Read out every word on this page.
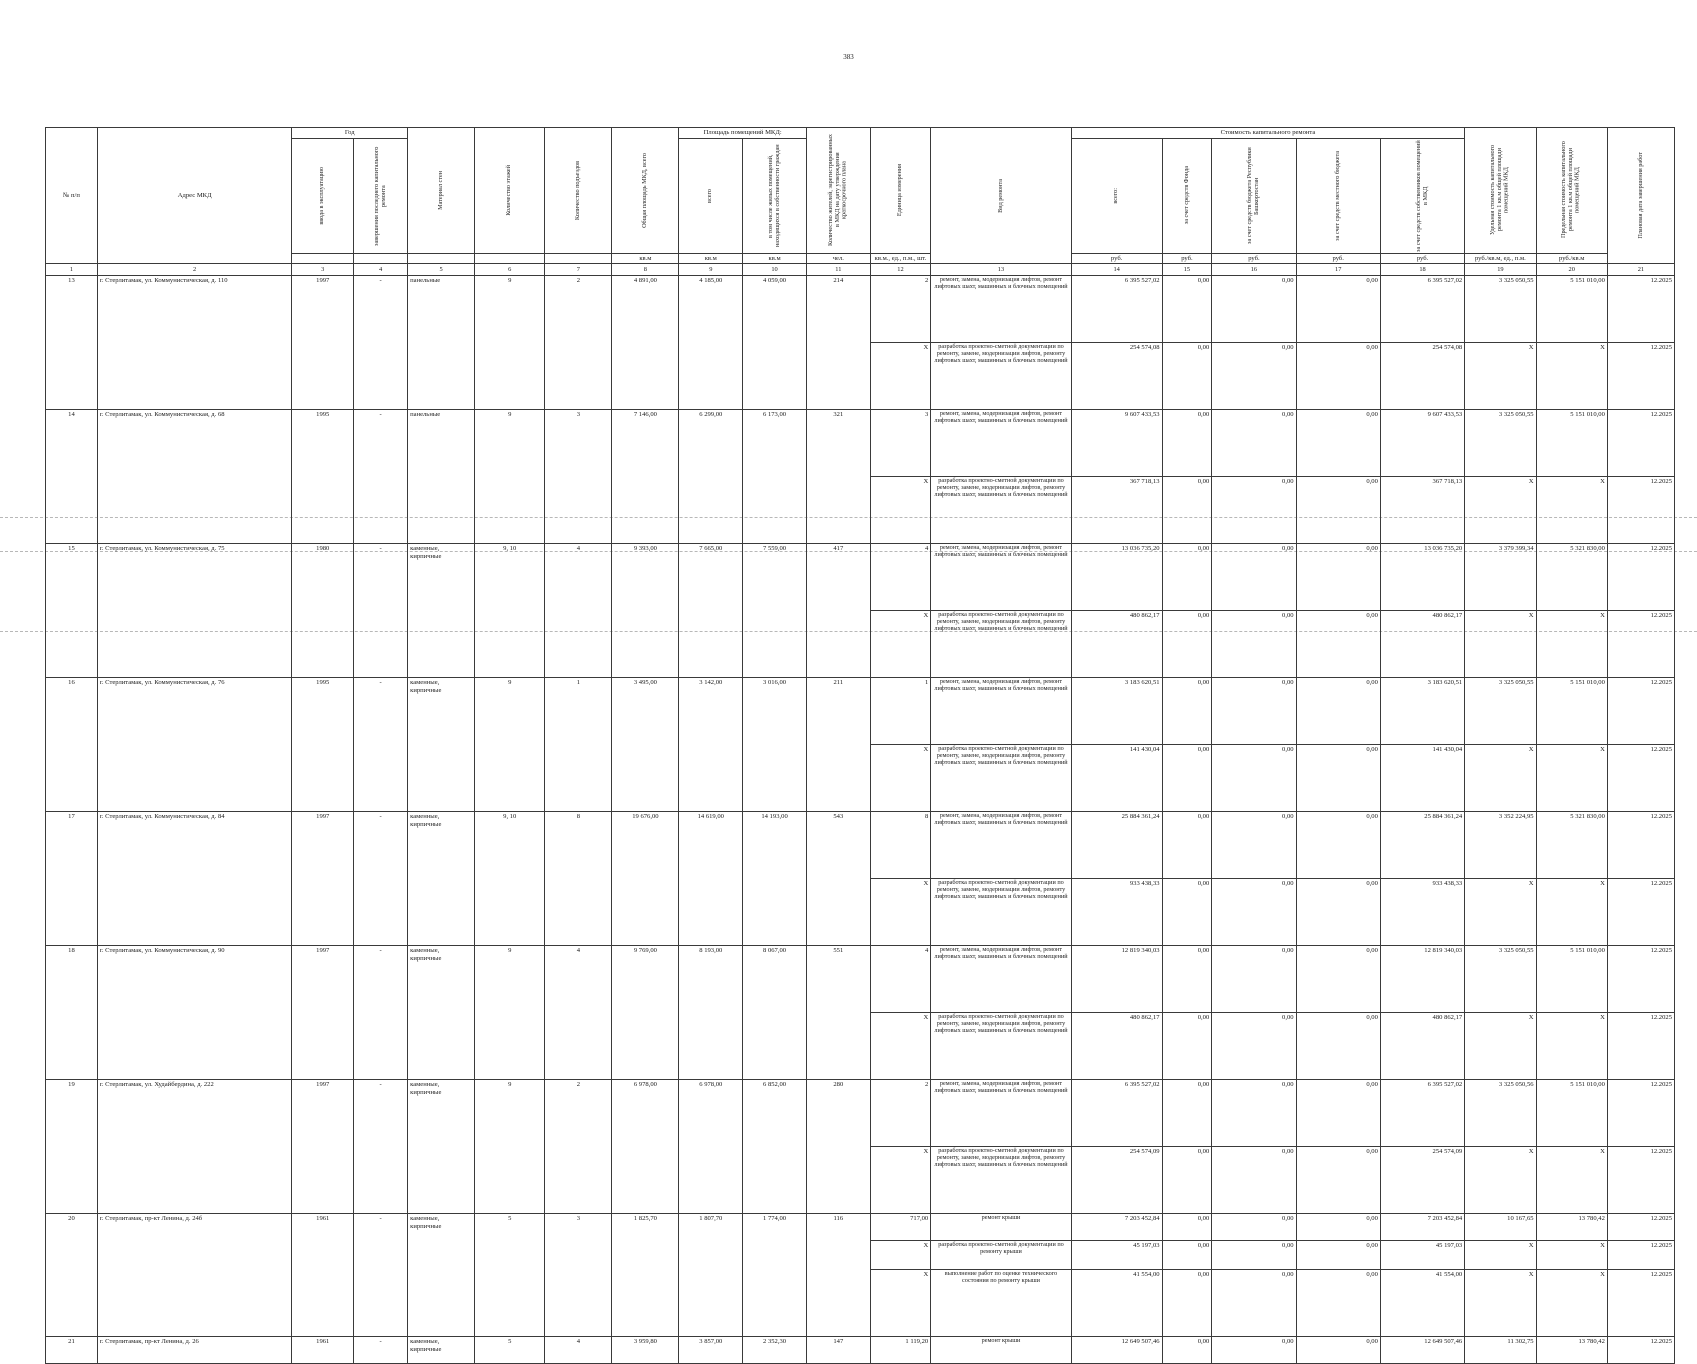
383
№ п/п	Адрес МКД	Год		Материал стен	Количество этажей	Количество подъездов	Общая площадь МКД, всего	Площадь помещений МКД:		Количество жителей, зарегистрированных в МКД на дату утверждения краткосрочного плана	Единица измерения	Вид ремонта	Стоимость капитального ремонта					Удельная стоимость капитального ремонта 1 кв.м общей площади помещений МКД	Предельная стоимость капитального ремонта 1 кв.м общей площади помещений МКД	Плановая дата завершения работ

		ввода в эксплуатацию	завершения последнего капитального ремонта					всего	в том числе жилых помещений, находящихся в собственности граждан				всего:	за счет средств Фонда	за счет средств бюджета Республики Башкортостан	за счет средств местного бюджета	за счет средств собственников помещений в МКД			

							кв.м	кв.м	кв.м	чел.	кв.м., ед., п.м., шт.		руб.	руб.	руб.	руб.	руб.	руб./кв.м, ед., п.м.	руб./кв.м	
1	2	3	4	5	6	7	8	9	10	11	12	13	14	15	16	17	18	19	20	21
13	г. Стерлитамак, ул. Коммунистическая, д. 110	1997	-	панельные	9	2	4 891,00	4 185,00	4 059,00	214	2	ремонт, замена, модернизация лифтов, ремонт лифтовых шахт, машинных и блочных помещений	6 395 527,02	0,00	0,00	0,00	6 395 527,02	3 325 050,55	5 151 010,00	12.2025
											X	разработка проектно-сметной документации по ремонту, замене, модернизации лифтов, ремонту лифтовых шахт, машинных и блочных помещений	254 574,08	0,00	0,00	0,00	254 574,08	X	X	12.2025
14	г. Стерлитамак, ул. Коммунистическая, д. 68	1995	-	панельные	9	3	7 146,00	6 299,00	6 173,00	321	3	ремонт, замена, модернизация лифтов, ремонт лифтовых шахт, машинных и блочных помещений	9 607 433,53	0,00	0,00	0,00	9 607 433,53	3 325 050,55	5 151 010,00	12.2025
											X	разработка проектно-сметной документации по ремонту, замене, модернизации лифтов, ремонту лифтовых шахт, машинных и блочных помещений	367 718,13	0,00	0,00	0,00	367 718,13	X	X	12.2025
15	г. Стерлитамак, ул. Коммунистическая, д. 75	1980	-	каменные, кирпичные	9, 10	4	9 393,00	7 665,00	7 559,00	417	4	ремонт, замена, модернизация лифтов, ремонт лифтовых шахт, машинных и блочных помещений	13 036 735,20	0,00	0,00	0,00	13 036 735,20	3 379 399,34	5 321 830,00	12.2025
											X	разработка проектно-сметной документации по ремонту, замене, модернизации лифтов, ремонту лифтовых шахт, машинных и блочных помещений	480 862,17	0,00	0,00	0,00	480 862,17	X	X	12.2025
16	г. Стерлитамак, ул. Коммунистическая, д. 76	1995	-	каменные, кирпичные	9	1	3 495,00	3 142,00	3 016,00	211	1	ремонт, замена, модернизация лифтов, ремонт лифтовых шахт, машинных и блочных помещений	3 183 620,51	0,00	0,00	0,00	3 183 620,51	3 325 050,55	5 151 010,00	12.2025
											X	разработка проектно-сметной документации по ремонту, замене, модернизации лифтов, ремонту лифтовых шахт, машинных и блочных помещений	141 430,04	0,00	0,00	0,00	141 430,04	X	X	12.2025
17	г. Стерлитамак, ул. Коммунистическая, д. 84	1997	-	каменные, кирпичные	9, 10	8	19 676,00	14 619,00	14 193,00	543	8	ремонт, замена, модернизация лифтов, ремонт лифтовых шахт, машинных и блочных помещений	25 884 361,24	0,00	0,00	0,00	25 884 361,24	3 352 224,95	5 321 830,00	12.2025
											X	разработка проектно-сметной документации по ремонту, замене, модернизации лифтов, ремонту лифтовых шахт, машинных и блочных помещений	933 438,33	0,00	0,00	0,00	933 438,33	X	X	12.2025
18	г. Стерлитамак, ул. Коммунистическая, д. 90	1997	-	каменные, кирпичные	9	4	9 769,00	8 193,00	8 067,00	551	4	ремонт, замена, модернизация лифтов, ремонт лифтовых шахт, машинных и блочных помещений	12 819 340,03	0,00	0,00	0,00	12 819 340,03	3 325 050,55	5 151 010,00	12.2025
											X	разработка проектно-сметной документации по ремонту, замене, модернизации лифтов, ремонту лифтовых шахт, машинных и блочных помещений	480 862,17	0,00	0,00	0,00	480 862,17	X	X	12.2025
19	г. Стерлитамак, ул. Худайбердина, д. 222	1997	-	каменные, кирпичные	9	2	6 978,00	6 978,00	6 852,00	280	2	ремонт, замена, модернизация лифтов, ремонт лифтовых шахт, машинных и блочных помещений	6 395 527,02	0,00	0,00	0,00	6 395 527,02	3 325 050,56	5 151 010,00	12.2025
											X	разработка проектно-сметной документации по ремонту, замене, модернизации лифтов, ремонту лифтовых шахт, машинных и блочных помещений	254 574,09	0,00	0,00	0,00	254 574,09	X	X	12.2025
20	г. Стерлитамак, пр-кт Ленина, д. 24б	1961	-	каменные, кирпичные	5	3	1 825,70	1 807,70	1 774,00	116	717,00	ремонт крыши	7 203 452,84	0,00	0,00	0,00	7 203 452,84	10 167,65	13 780,42	12.2025
											X	разработка проектно-сметной документации по ремонту крыши	45 197,03	0,00	0,00	0,00	45 197,03	X	X	12.2025
											X	выполнение работ по оценке технического состояния по ремонту крыши	41 554,00	0,00	0,00	0,00	41 554,00	X	X	12.2025
21	г. Стерлитамак, пр-кт Ленина, д. 26	1961	-	каменные, кирпичные	5	4	3 959,80	3 857,00	2 352,30	147	1 119,20	ремонт крыши	12 649 507,46	0,00	0,00	0,00	12 649 507,46	11 302,75	13 780,42	12.2025
